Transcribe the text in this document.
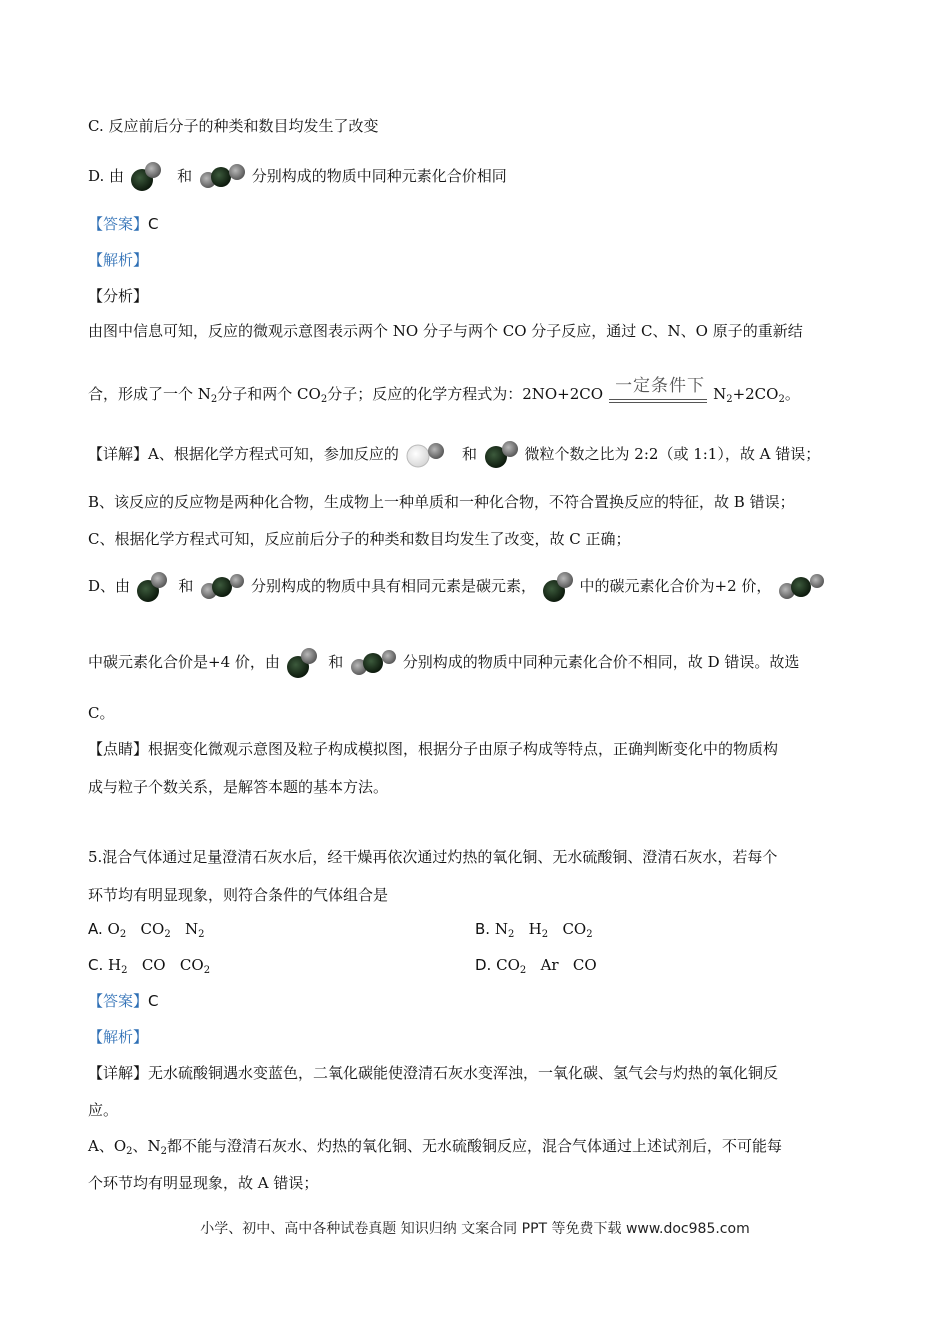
C. 反应前后分子的种类和数目均发生了改变
D. 由	和	分别构成的物质中同种元素化合价相同
【答案】C
【解析】
【分析】
由图中信息可知，反应的微观示意图表示两个 NO 分子与两个 CO 分子反应，通过 C、N、O 原子的重新结
合，形成了一个 $N_2$分子和两个 $CO_2$分子；反应的化学方程式为：2NO+2CO 一定条件下 $N_2+2CO_2$。
【详解】A、根据化学方程式可知，参加反应的	和	微粒个数之比为 2:2（或 1:1），故 A 错误；
B、该反应的反应物是两种化合物，生成物上一种单质和一种化合物，不符合置换反应的特征，故 B 错误；
C、根据化学方程式可知，反应前后分子的种类和数目均发生了改变，故 C 正确；
D、由	和	分别构成的物质中具有相同元素是碳元素，	中的碳元素化合价为+2 价，
中碳元素化合价是+4 价，由	和	分别构成的物质中同种元素化合价不相同，故 D 错误。故选
C。
【点睛】根据变化微观示意图及粒子构成模拟图，根据分子由原子构成等特点，正确判断变化中的物质构
成与粒子个数关系，是解答本题的基本方法。
5.混合气体通过足量澄清石灰水后，经干燥再依次通过灼热的氧化铜、无水硫酸铜、澄清石灰水，若每个
环节均有明显现象，则符合条件的气体组合是
A. $O_2$ $CO_2$ $N_2$	B. $N_2$ $H_2$ $CO_2$
C. $H_2$ CO $CO_2$	D. $CO_2$ Ar CO
【答案】C
【解析】
【详解】无水硫酸铜遇水变蓝色，二氧化碳能使澄清石灰水变浑浊，一氧化碳、氢气会与灼热的氧化铜反
应。
A、$O_2$、$N_2$都不能与澄清石灰水、灼热的氧化铜、无水硫酸铜反应，混合气体通过上述试剂后，不可能每
个环节均有明显现象，故 A 错误；
小学、初中、高中各种试卷真题 知识归纳 文案合同 PPT 等免费下载 www.doc985.com
